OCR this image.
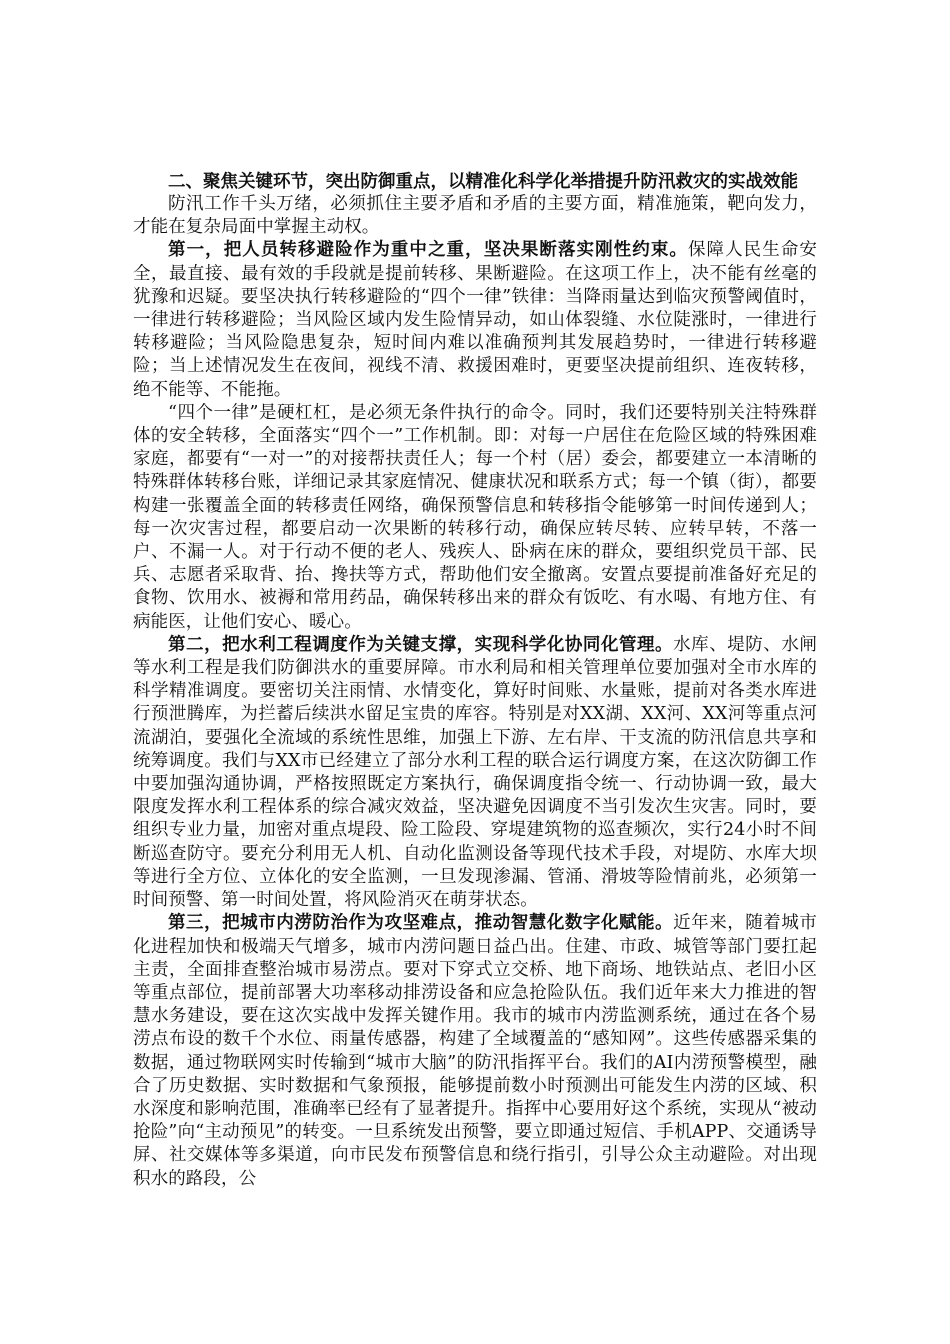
二、聚焦关键环节，突出防御重点，以精准化科学化举措提升防汛救灾的实战效能

防汛工作千头万绪，必须抓住主要矛盾和矛盾的主要方面，精准施策，靶向发力，才能在复杂局面中掌握主动权。

第一，把人员转移避险作为重中之重，坚决果断落实刚性约束。保障人民生命安全，最直接、最有效的手段就是提前转移、果断避险。在这项工作上，决不能有丝毫的犹豫和迟疑。要坚决执行转移避险的“四个一律”铁律：当降雨量达到临灾预警阈值时，一律进行转移避险；当风险区域内发生险情异动，如山体裂缝、水位陡涨时，一律进行转移避险；当风险隐患复杂，短时间内难以准确预判其发展趋势时，一律进行转移避险；当上述情况发生在夜间，视线不清、救援困难时，更要坚决提前组织、连夜转移，绝不能等、不能拖。

“四个一律”是硬杠杠，是必须无条件执行的命令。同时，我们还要特别关注特殊群体的安全转移，全面落实“四个一”工作机制。即：对每一户居住在危险区域的特殊困难家庭，都要有“一对一”的对接帮扶责任人；每一个村（居）委会，都要建立一本清晰的特殊群体转移台账，详细记录其家庭情况、健康状况和联系方式；每一个镇（街），都要构建一张覆盖全面的转移责任网络，确保预警信息和转移指令能够第一时间传递到人；每一次灾害过程，都要启动一次果断的转移行动，确保应转尽转、应转早转，不落一户、不漏一人。对于行动不便的老人、残疾人、卧病在床的群众，要组织党员干部、民兵、志愿者采取背、抬、搀扶等方式，帮助他们安全撤离。安置点要提前准备好充足的食物、饮用水、被褥和常用药品，确保转移出来的群众有饭吃、有水喝、有地方住、有病能医，让他们安心、暖心。

第二，把水利工程调度作为关键支撑，实现科学化协同化管理。水库、堤防、水闸等水利工程是我们防御洪水的重要屏障。市水利局和相关管理单位要加强对全市水库的科学精准调度。要密切关注雨情、水情变化，算好时间账、水量账，提前对各类水库进行预泄腾库，为拦蓄后续洪水留足宝贵的库容。特别是对XX湖、XX河、XX河等重点河流湖泊，要强化全流域的系统性思维，加强上下游、左右岸、干支流的防汛信息共享和统筹调度。我们与XX市已经建立了部分水利工程的联合运行调度方案，在这次防御工作中要加强沟通协调，严格按照既定方案执行，确保调度指令统一、行动协调一致，最大限度发挥水利工程体系的综合减灾效益，坚决避免因调度不当引发次生灾害。同时，要组织专业力量，加密对重点堤段、险工险段、穿堤建筑物的巡查频次，实行24小时不间断巡查防守。要充分利用无人机、自动化监测设备等现代技术手段，对堤防、水库大坝等进行全方位、立体化的安全监测，一旦发现渗漏、管涌、滑坡等险情前兆，必须第一时间预警、第一时间处置，将风险消灭在萌芽状态。

第三，把城市内涝防治作为攻坚难点，推动智慧化数字化赋能。近年来，随着城市化进程加快和极端天气增多，城市内涝问题日益凸出。住建、市政、城管等部门要扛起主责，全面排查整治城市易涝点。要对下穿式立交桥、地下商场、地铁站点、老旧小区等重点部位，提前部署大功率移动排涝设备和应急抢险队伍。我们近年来大力推进的智慧水务建设，要在这次实战中发挥关键作用。我市的城市内涝监测系统，通过在各个易涝点布设的数千个水位、雨量传感器，构建了全域覆盖的“感知网”。这些传感器采集的数据，通过物联网实时传输到“城市大脑”的防汛指挥平台。我们的AI内涝预警模型，融合了历史数据、实时数据和气象预报，能够提前数小时预测出可能发生内涝的区域、积水深度和影响范围，准确率已经有了显著提升。指挥中心要用好这个系统，实现从“被动抢险”向“主动预见”的转变。一旦系统发出预警，要立即通过短信、手机APP、交通诱导屏、社交媒体等多渠道，向市民发布预警信息和绕行指引，引导公众主动避险。对出现积水的路段，公
